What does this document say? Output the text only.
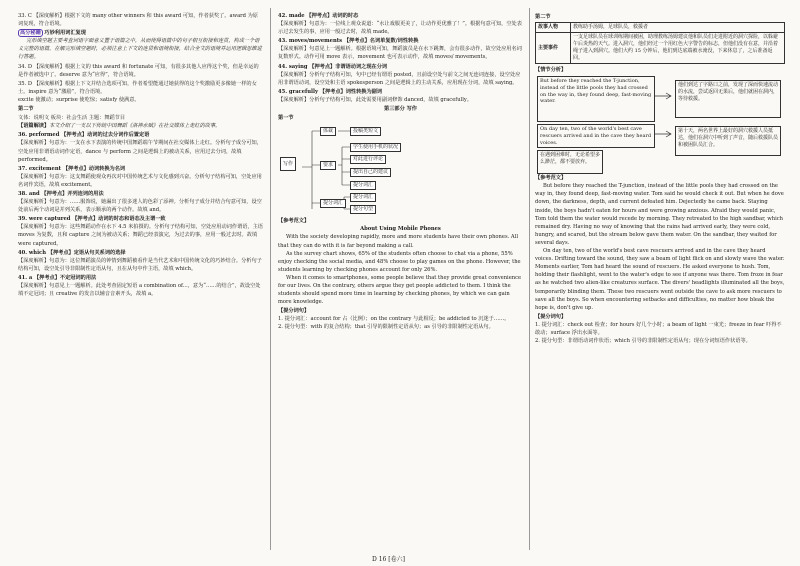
33. C 【深度解析】根据下文的 many other winners 和 this award 可知，作者获奖了。award 为原词复现，符合语境。

高分秘籍 巧妙利用词汇复现

完形填空题主要考查词语字面意义置于语篇之中，从而使得语篇中的句子相互衔接和连贯，构成一个语义完整的语篇。在解完形填空题时，必须注意上下文的连贯和语境衔接，结合全文的语境并运用逻辑思维进行答题。

34. D 【深度解析】根据上文的 this award 和 fortunate 可知，有很多其他人应得这个奖，但是幸运的是作者被选中了。deserve 意为“应得”，符合语境。

35. D 【深度解析】根据上下文并结合选项可知，作者希望能通过她获得的这个奖激励更多像她一样的女士。inspire 意为“激励”，符合语境。

excite 使激动；surprise 使吃惊；satisfy 使满意。

第二节

文体：说明文 板块：社会生活 主题：舞蹈节目

【语篇解读】本文介绍了一支以下传统中国舞蹈《洛神水赋》在社交媒体上走红的故事。

36. performed 【押考点】动词的过去分词作后置定语

【深度解析】句意为：一支在水下表演的传统中国舞蹈端午节期间在社交媒体上走红。分析句子成分可知，空处应用非谓语动词作定语，dance 与 perform 之间是逻辑上的被动关系，应用过去分词，故填 performed。

37. excitement 【押考点】动词转换为名词

【深度解析】句意为：这支舞蹈使观众再次对中国传统艺术与文化感到兴奋。分析句子结构可知，空处应用名词作宾语，故填 excitement。

38. and 【押考点】并列连词的用法

【深度解析】句意为：……服饰说，她漏出了很多迷人的色彩了添神。分析句子成分并结合句意可知，设空处前后两个动词是并列关系，表示顺承的两个动作。故填 and。

39. were captured 【押考点】动词的时态和语态及主谓一致

【深度解析】句意为：这些舞蹈动作在水下 4.5 米拍摄的。分析句子结构可知，空处应用动词作谓语，主语 moves 为复数，且和 capture 之间为被动关系；舞蹈已经表演完，为过去的事，应用一般过去时。故填 were captured。

40. which 【押考点】定语从句关系词的选择

【深度解析】句意为：这位舞蹈演员的钟情到舞蹈被看作是当代艺术和中国传统文化的巧妙结合。分析句子结构可知，设空处引导非限制性定语从句，且在从句中作主语，故填 which。

41. a 【押考点】不定冠词的用法

【深度解析】句意见上一题解析。此处考查固定短语 a combination of...，意为“……的结合”，故设空处填不定冠词；且 creative 的发音以辅音音素开头，故填 a。

42. made 【押考点】动词的时态

【深度解析】句意为：一位线上观众说道：“水让戏服更美了，让动作更优雅了！”。根据句意可知，空处表示过去发生的事，应用一般过去时，故填 made。

43. moves/movements 【押考点】名词单复数/词性转换

【深度解析】句意见上一题解析。根据语境可知，舞蹈演员是在水下跳舞，会有很多动作，故空处应用名词复数形式。动作可用 move 表示，movement 也可表示动作，故填 moves/ movements。

44. saying 【押考点】非谓语动词之现在分词

【深度解析】分析句子结构可知，句中已经有谓语 posted，且前设空处与前文之间无连词连接，设空处应用非谓语动词，设空处和主语 spokesperson 之间是逻辑上的主动关系，应用现在分词，故填 saying。

45. gracefully 【押考点】词性转换为副词

【深度解析】分析句子结构可知，此处需要用副词修饰 danced，故填 gracefully。

第三部分 写作

第一节

写作
体裁	投稿类短文
要求
学生使用手机的状况
对此进行评论
提出自己的建议
提分词汇
提分词汇
提分词汇
提分句型

【参考范文】

About Using Mobile Phones

With the society developing rapidly, more and more students have their own phones. All that they can do with it is far beyond making a call.

As the survey chart shows, 65% of the students often choose to chat via a phone, 55% enjoy checking the social media, and 48% choose to play games on the phone. However, the students learning by checking phones account for only 26%.

When it comes to smartphones, some people believe that they provide great convenience for our lives. On the contrary, others argue they get people addicted to them. I think the students should spend more time in learning by checking phones, by which we can gain more knowledge.

【提分词句】

1. 提分词汇：account for 占（比例）；on the contrary 与此相反；be addicted to 沉迷于……。

2. 提分句型：with 的复合结构；that 引导的限制性定语从句；as 引导的非限制性定语从句。

第二节

故事人物	教练助手汤姆，足球队员，救援者
主要事件	一支足球队员在球训练期间被困，助理教练汤姆建议他和队员们走进附近的洞穴探险，以躲避午后炎热的天气。进入洞穴，他们经过一个用红色大字警告的标志，但他们没有在意，并沿着绳子进入到洞穴。他们大约 15 分钟后，他们到达底端被水淹没，下来休息了，之后准备返回。

【情节分析】

But before they reached the T-junction, instead of the little pools they had crossed on the way in, they found deep, fast-moving water.
他们到达了字路口之前，发现了深而快速流动的水流，尝试返回无果后，他们就困在洞内，等待救援。
On day ten, two of the world's best cave rescuers arrived and in the cave they heard voices.
第十天，两名世界上最好的洞穴救援人员抵达，他们在洞穴中听到了声音，随后救援队员和被困队员汇合。
在遇到困难时，无论希望多么渺茫，都不要放弃。

【参考范文】

But before they reached the T-junction, instead of the little pools they had crossed on the way in, they found deep, fast-moving water. Tom said he would check it out. But when he dove down, the darkness, depth, and current defeated him. Dejectedly he came back. Staying inside, the boys hadn't eaten for hours and were growing anxious. Afraid they would panic, Tom told them the water would recede by morning. They retreated to the high sandbar, which remained dry. Having no way of knowing that the rains had arrived early, they were cold, hungry, and scared, but the stream below gave them water. On the sandbar, they waited for several days.

On day ten, two of the world's best cave rescuers arrived and in the cave they heard voices. Drifting toward the sound, they saw a beam of light flick on and slowly wave the water. Moments earlier, Tom had heard the sound of rescuers. He asked everyone to hush. Tom, holding their flashlight, went to the water's edge to see if anyone was there. Tom froze in fear as he watched two alien-like creatures surface. The divers' headlights illuminated all the boys, temporarily blinding them. These two rescuers went outside the cave to ask more rescuers to save all the boys. So when encountering setbacks and difficulties, no matter how bleak the hope is, don't give up.

【提分词句】

1. 提分词汇：check out 检查；for hours 好几个小时；a beam of light 一束光；freeze in fear 吓得不敢动；surface 浮出水面等。

2. 提分句型：非谓语动词作状语；which 引导的非限制性定语从句；现在分词短语作状语等。

D 16 [卷六]
